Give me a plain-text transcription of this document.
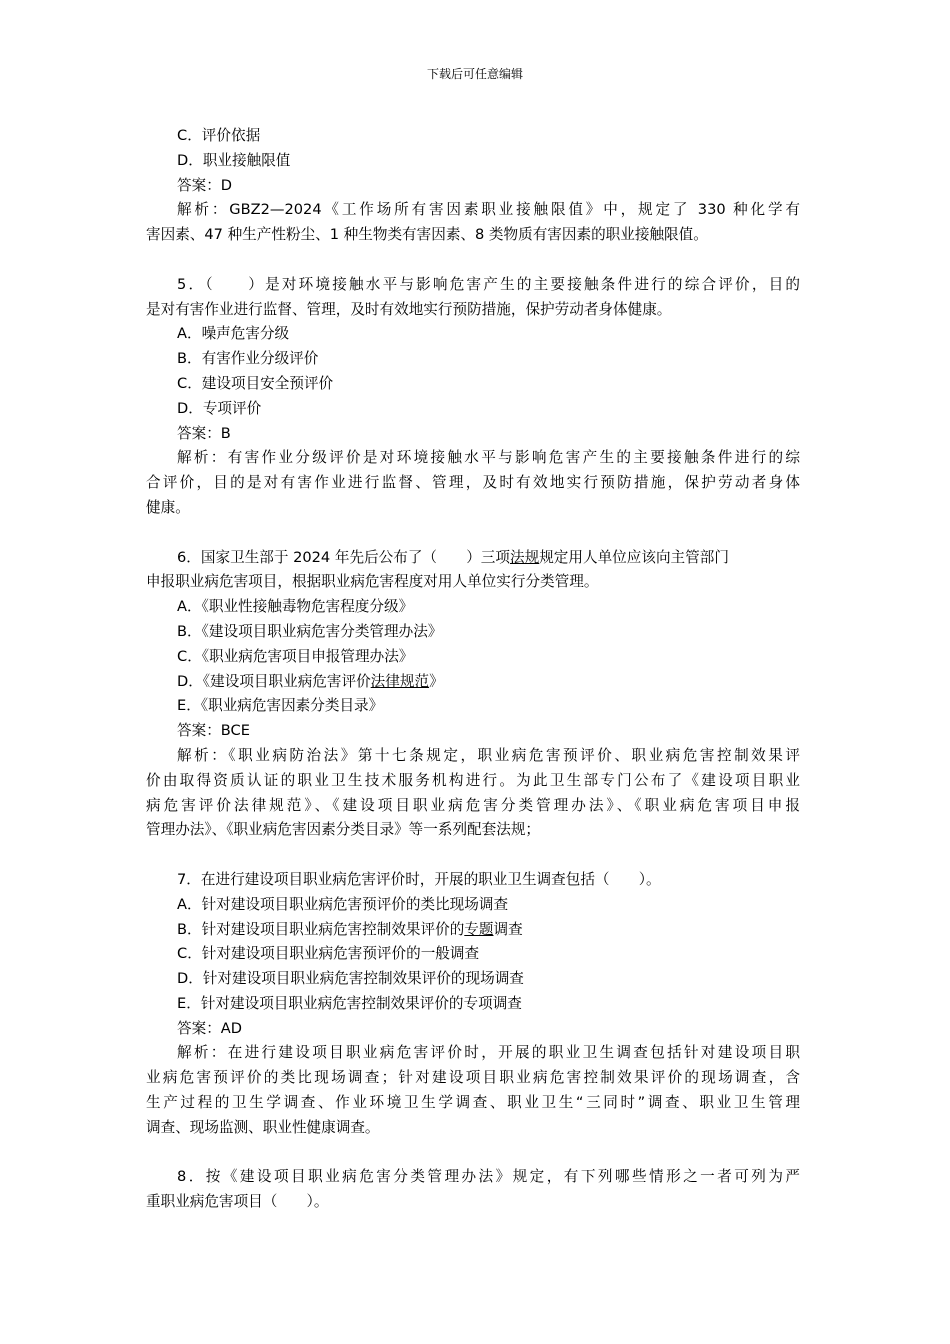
下载后可任意编辑
C．评价依据
D．职业接触限值
答案：D
解析：GBZ2—2024《工作场所有害因素职业接触限值》中，规定了 330 种化学有
害因素、47 种生产性粉尘、1 种生物类有害因素、8 类物质有害因素的职业接触限值。
5．（　　）是对环境接触水平与影响危害产生的主要接触条件进行的综合评价，目的
是对有害作业进行监督、管理，及时有效地实行预防措施，保护劳动者身体健康。
A．噪声危害分级
B．有害作业分级评价
C．建设项目安全预评价
D．专项评价
答案：B
解析：有害作业分级评价是对环境接触水平与影响危害产生的主要接触条件进行的综
合评价，目的是对有害作业进行监督、管理，及时有效地实行预防措施，保护劳动者身体
健康。
6．国家卫生部于 2024 年先后公布了（　　）三项法规规定用人单位应该向主管部门
申报职业病危害项目，根据职业病危害程度对用人单位实行分类管理。
A．《职业性接触毒物危害程度分级》
B．《建设项目职业病危害分类管理办法》
C．《职业病危害项目申报管理办法》
D．《建设项目职业病危害评价法律规范》
E．《职业病危害因素分类目录》
答案：BCE
解析：《职业病防治法》第十七条规定，职业病危害预评价、职业病危害控制效果评
价由取得资质认证的职业卫生技术服务机构进行。为此卫生部专门公布了《建设项目职业
病危害评价法律规范》、《建设项目职业病危害分类管理办法》、《职业病危害项目申报
管理办法》、《职业病危害因素分类目录》等一系列配套法规；
7．在进行建设项目职业病危害评价时，开展的职业卫生调查包括（　　）。
A．针对建设项目职业病危害预评价的类比现场调查
B．针对建设项目职业病危害控制效果评价的专题调查
C．针对建设项目职业病危害预评价的一般调查
D．针对建设项目职业病危害控制效果评价的现场调查
E．针对建设项目职业病危害控制效果评价的专项调查
答案：AD
解析：在进行建设项目职业病危害评价时，开展的职业卫生调查包括针对建设项目职
业病危害预评价的类比现场调查；针对建设项目职业病危害控制效果评价的现场调查，含
生产过程的卫生学调查、作业环境卫生学调查、职业卫生“三同时”调查、职业卫生管理
调查、现场监测、职业性健康调查。
8．按《建设项目职业病危害分类管理办法》规定，有下列哪些情形之一者可列为严
重职业病危害项目（　　）。
